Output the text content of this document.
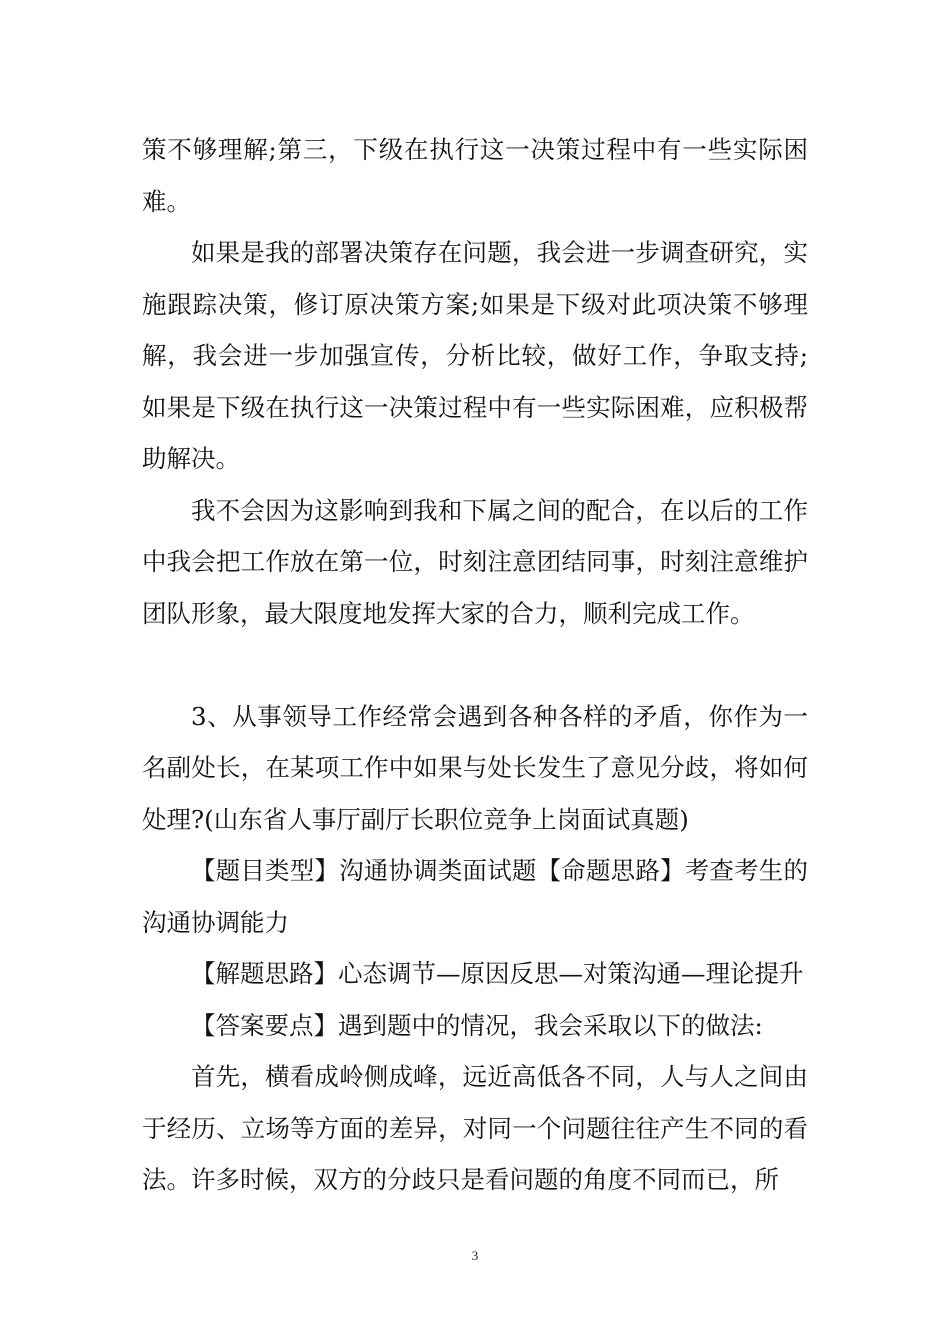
策不够理解;第三，下级在执行这一决策过程中有一些实际困难。

如果是我的部署决策存在问题，我会进一步调查研究，实施跟踪决策，修订原决策方案;如果是下级对此项决策不够理解，我会进一步加强宣传，分析比较，做好工作，争取支持;如果是下级在执行这一决策过程中有一些实际困难，应积极帮助解决。

我不会因为这影响到我和下属之间的配合，在以后的工作中我会把工作放在第一位，时刻注意团结同事，时刻注意维护团队形象，最大限度地发挥大家的合力，顺利完成工作。

3、从事领导工作经常会遇到各种各样的矛盾，你作为一名副处长，在某项工作中如果与处长发生了意见分歧，将如何处理?(山东省人事厅副厅长职位竞争上岗面试真题)

【题目类型】沟通协调类面试题【命题思路】考查考生的沟通协调能力

【解题思路】心态调节—原因反思—对策沟通—理论提升

【答案要点】遇到题中的情况，我会采取以下的做法:

首先，横看成岭侧成峰，远近高低各不同，人与人之间由于经历、立场等方面的差异，对同一个问题往往产生不同的看法。许多时候，双方的分歧只是看问题的角度不同而已，所

3
